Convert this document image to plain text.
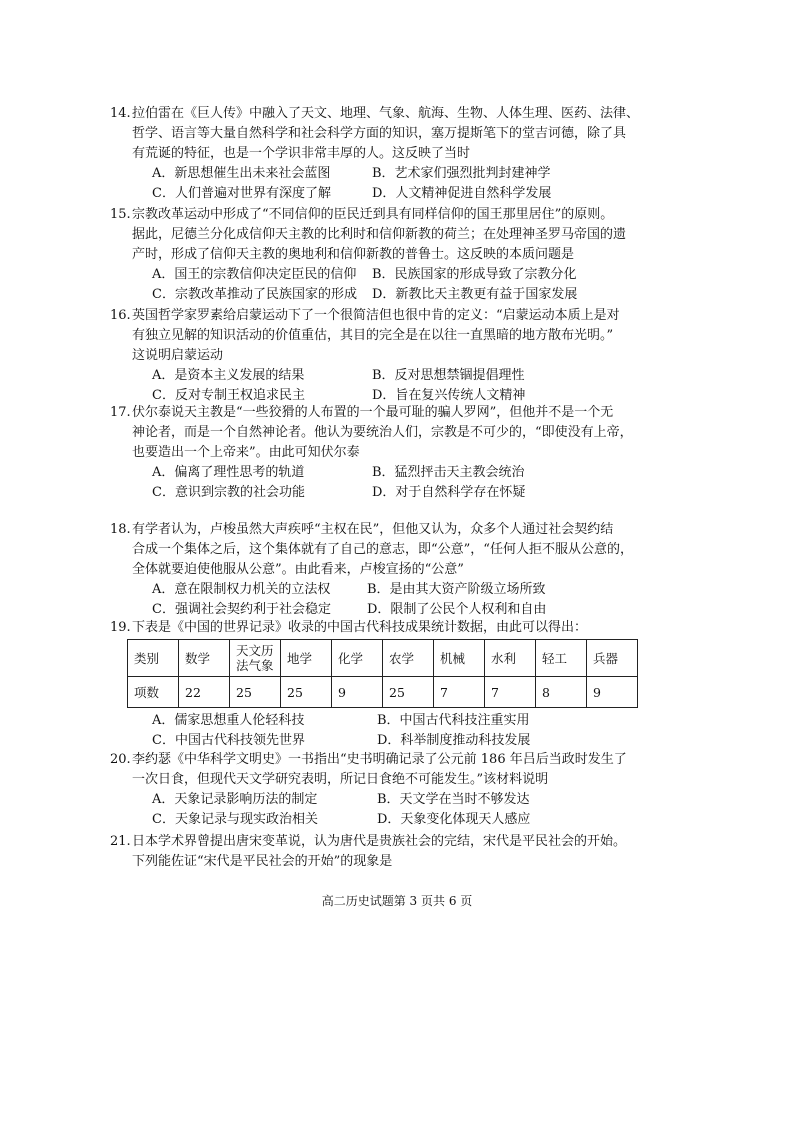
14. 拉伯雷在《巨人传》中融入了天文、地理、气象、航海、生物、人体生理、医药、法律、
哲学、语言等大量自然科学和社会科学方面的知识，塞万提斯笔下的堂吉诃德，除了具
有荒诞的特征，也是一个学识非常丰厚的人。这反映了当时
A．新思想催生出未来社会蓝图	B．艺术家们强烈批判封建神学
C．人们普遍对世界有深度了解	D．人文精神促进自然科学发展
15. 宗教改革运动中形成了“不同信仰的臣民迁到具有同样信仰的国王那里居住”的原则。
据此，尼德兰分化成信仰天主教的比利时和信仰新教的荷兰；在处理神圣罗马帝国的遗
产时，形成了信仰天主教的奥地利和信仰新教的普鲁士。这反映的本质问题是
A．国王的宗教信仰决定臣民的信仰 B．民族国家的形成导致了宗教分化
C．宗教改革推动了民族国家的形成 D．新教比天主教更有益于国家发展
16. 英国哲学家罗素给启蒙运动下了一个很简洁但也很中肯的定义：“启蒙运动本质上是对
有独立见解的知识活动的价值重估，其目的完全是在以往一直黑暗的地方散布光明。”
这说明启蒙运动
A．是资本主义发展的结果	B．反对思想禁锢提倡理性
C．反对专制王权追求民主	D．旨在复兴传统人文精神
17. 伏尔泰说天主教是“一些狡猾的人布置的一个最可耻的骗人罗网”，但他并不是一个无
神论者，而是一个自然神论者。他认为要统治人们，宗教是不可少的，“即使没有上帝，
也要造出一个上帝来”。由此可知伏尔泰
A．偏离了理性思考的轨道	B．猛烈抨击天主教会统治
C．意识到宗教的社会功能	D．对于自然科学存在怀疑
18. 有学者认为，卢梭虽然大声疾呼“主权在民”，但他又认为，众多个人通过社会契约结
合成一个集体之后，这个集体就有了自己的意志，即“公意”，“任何人拒不服从公意的，
全体就要迫使他服从公意”。由此看来，卢梭宣扬的“公意”
A．意在限制权力机关的立法权	B．是由其大资产阶级立场所致
C．强调社会契约利于社会稳定	D．限制了公民个人权利和自由
19. 下表是《中国的世界记录》收录的中国古代科技成果统计数据，由此可以得出：
类别	数学	天文历法气象	地学	化学	农学	机械	水利	轻工	兵器
项数	22	25	25	9	25	7	7	8	9
A．儒家思想重人伦轻科技	B．中国古代科技注重实用
C．中国古代科技领先世界	D．科举制度推动科技发展
20. 李约瑟《中华科学文明史》一书指出“史书明确记录了公元前 186 年吕后当政时发生了
一次日食，但现代天文学研究表明，所记日食绝不可能发生。”该材料说明
A．天象记录影响历法的制定	B．天文学在当时不够发达
C．天象记录与现实政治相关	D．天象变化体现天人感应
21. 日本学术界曾提出唐宋变革说，认为唐代是贵族社会的完结，宋代是平民社会的开始。
下列能佐证“宋代是平民社会的开始”的现象是
高二历史试题第 3 页共 6 页
